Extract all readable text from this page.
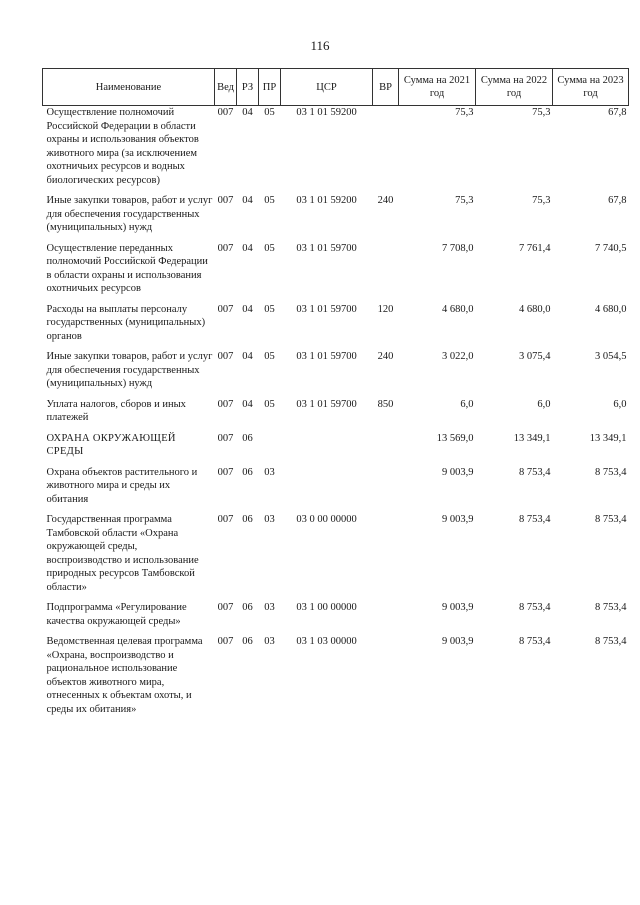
116
Наименование	Вед	РЗ	ПР	ЦСР	ВР	Сумма на 2021 год	Сумма на 2022 год	Сумма на 2023 год
Осуществление полномочий Российской Федерации в области охраны и использования объектов животного мира (за исключением охотничьих ресурсов и водных биологических ресурсов)	007	04	05	03 1 01 59200		75,3	75,3	67,8
Иные закупки товаров, работ и услуг для обеспечения государственных (муниципальных) нужд	007	04	05	03 1 01 59200	240	75,3	75,3	67,8
Осуществление переданных полномочий Российской Федерации в области охраны и использования охотничьих ресурсов	007	04	05	03 1 01 59700		7 708,0	7 761,4	7 740,5
Расходы на выплаты персоналу государственных (муниципальных) органов	007	04	05	03 1 01 59700	120	4 680,0	4 680,0	4 680,0
Иные закупки товаров, работ и услуг для обеспечения государственных (муниципальных) нужд	007	04	05	03 1 01 59700	240	3 022,0	3 075,4	3 054,5
Уплата налогов, сборов и иных платежей	007	04	05	03 1 01 59700	850	6,0	6,0	6,0
ОХРАНА ОКРУЖАЮЩЕЙ СРЕДЫ	007	06				13 569,0	13 349,1	13 349,1
Охрана объектов растительного и животного мира и среды их обитания	007	06	03			9 003,9	8 753,4	8 753,4
Государственная программа Тамбовской области «Охрана окружающей среды, воспроизводство и использование природных ресурсов Тамбовской области»	007	06	03	03 0 00 00000		9 003,9	8 753,4	8 753,4
Подпрограмма «Регулирование качества окружающей среды»	007	06	03	03 1 00 00000		9 003,9	8 753,4	8 753,4
Ведомственная целевая программа «Охрана, воспроизводство и рациональное использование объектов животного мира, отнесенных к объектам охоты, и среды их обитания»	007	06	03	03 1 03 00000		9 003,9	8 753,4	8 753,4
